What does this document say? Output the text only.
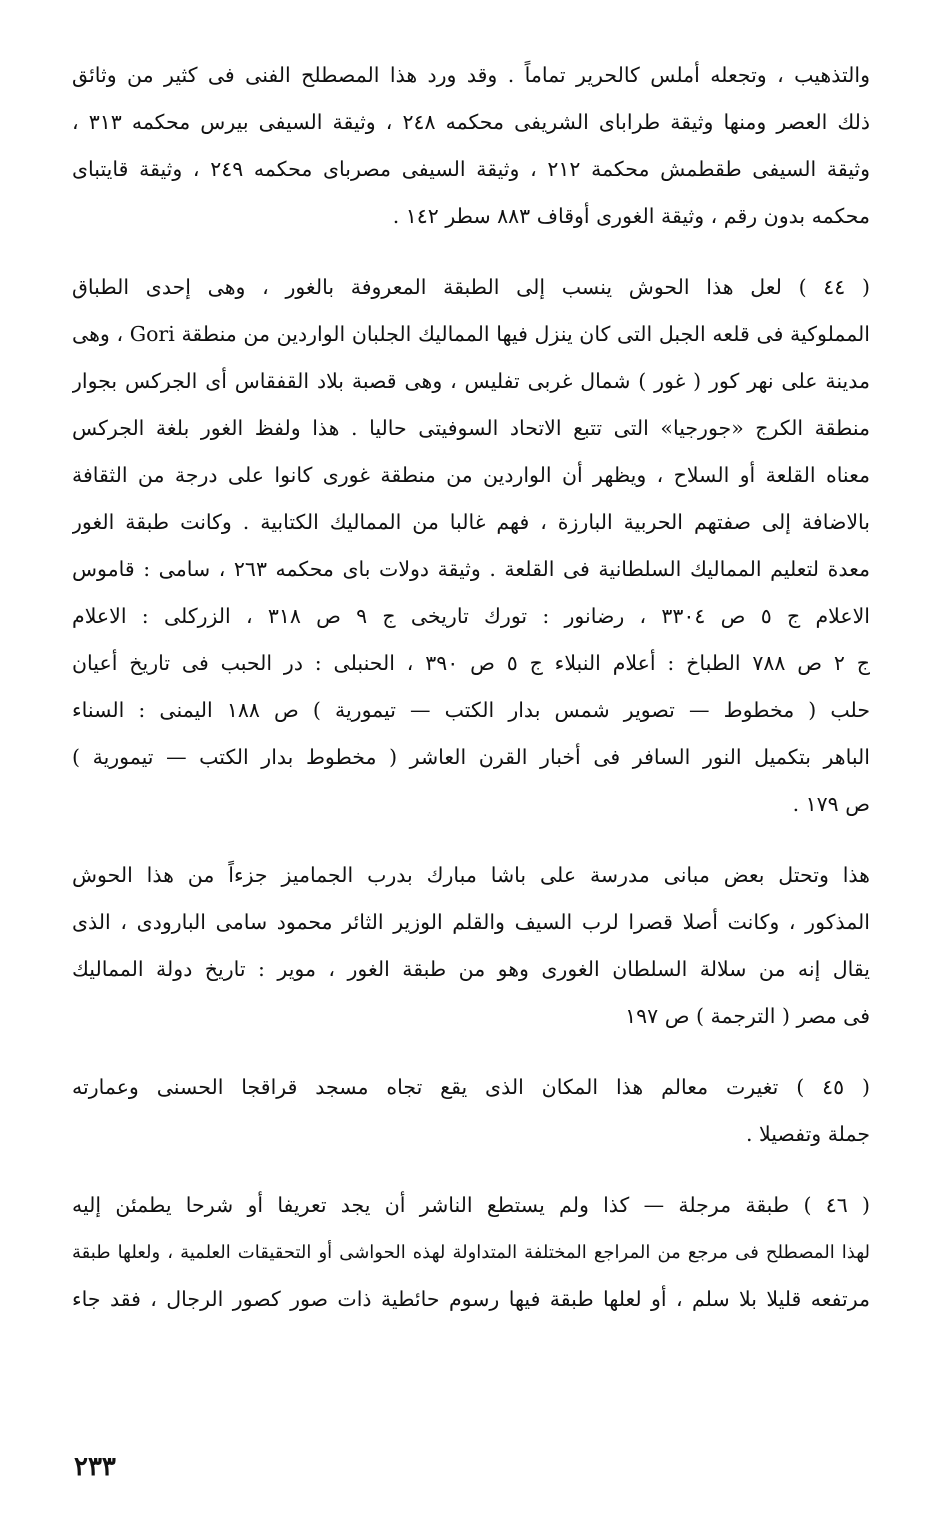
والتذهيب ، وتجعله أملس كالحرير تماماً . وقد ورد هذا المصطلح الفنى فى كثير من وثائق
ذلك العصر ومنها وثيقة طراباى الشريفى محكمه ٢٤٨ ، وثيقة السيفى بيرس محكمه ٣١٣ ،
وثيقة السيفى طقطمش محكمة ٢١٢ ، وثيقة السيفى مصرباى محكمه ٢٤٩ ، وثيقة قايتباى
محكمه بدون رقم ، وثيقة الغورى أوقاف ٨٨٣ سطر ١٤٢ .

( ٤٤ ) لعل هذا الحوش ينسب إلى الطبقة المعروفة بالغور ، وهى إحدى الطباق
المملوكية فى قلعه الجبل التى كان ينزل فيها المماليك الجلبان الواردين من منطقة Gori ، وهى
مدينة على نهر كور ( غور ) شمال غربى تفليس ، وهى قصبة بلاد القفقاس أى الجركس بجوار
منطقة الكرج «جورجيا» التى تتبع الاتحاد السوفيتى حاليا . هذا ولفظ الغور بلغة الجركس
معناه القلعة أو السلاح ، ويظهر أن الواردين من منطقة غورى كانوا على درجة من الثقافة
بالاضافة إلى صفتهم الحربية البارزة ، فهم غالبا من المماليك الكتابية . وكانت طبقة الغور
معدة لتعليم المماليك السلطانية فى القلعة . وثيقة دولات باى محكمه ٢٦٣ ، سامى : قاموس
الاعلام ج ٥ ص ٣٣٠٤ ، رضانور : تورك تاريخى ج ٩ ص ٣١٨ ، الزركلى : الاعلام
ج ٢ ص ٧٨٨ الطباخ : أعلام النبلاء ج ٥ ص ٣٩٠ ، الحنبلى : در الحبب فى تاريخ أعيان
حلب ( مخطوط — تصوير شمس بدار الكتب — تيمورية ) ص ١٨٨ اليمنى : السناء
الباهر بتكميل النور السافر فى أخبار القرن العاشر ( مخطوط بدار الكتب — تيمورية )
ص ١٧٩ .

هذا وتحتل بعض مبانى مدرسة على باشا مبارك بدرب الجماميز جزءاً من هذا الحوش
المذكور ، وكانت أصلا قصرا لرب السيف والقلم الوزير الثائر محمود سامى البارودى ، الذى
يقال إنه من سلالة السلطان الغورى وهو من طبقة الغور ، موير : تاريخ دولة المماليك
فى مصر ( الترجمة ) ص ١٩٧

( ٤٥ ) تغيرت معالم هذا المكان الذى يقع تجاه مسجد قراقجا الحسنى وعمارته
جملة وتفصيلا .

( ٤٦ ) طبقة مرجلة — كذا ولم يستطع الناشر أن يجد تعريفا أو شرحا يطمئن إليه
لهذا المصطلح فى مرجع من المراجع المختلفة المتداولة لهذه الحواشى أو التحقيقات العلمية ، ولعلها طبقة
مرتفعه قليلا بلا سلم ، أو لعلها طبقة فيها رسوم حائطية ذات صور كصور الرجال ، فقد جاء

٢٣٣
